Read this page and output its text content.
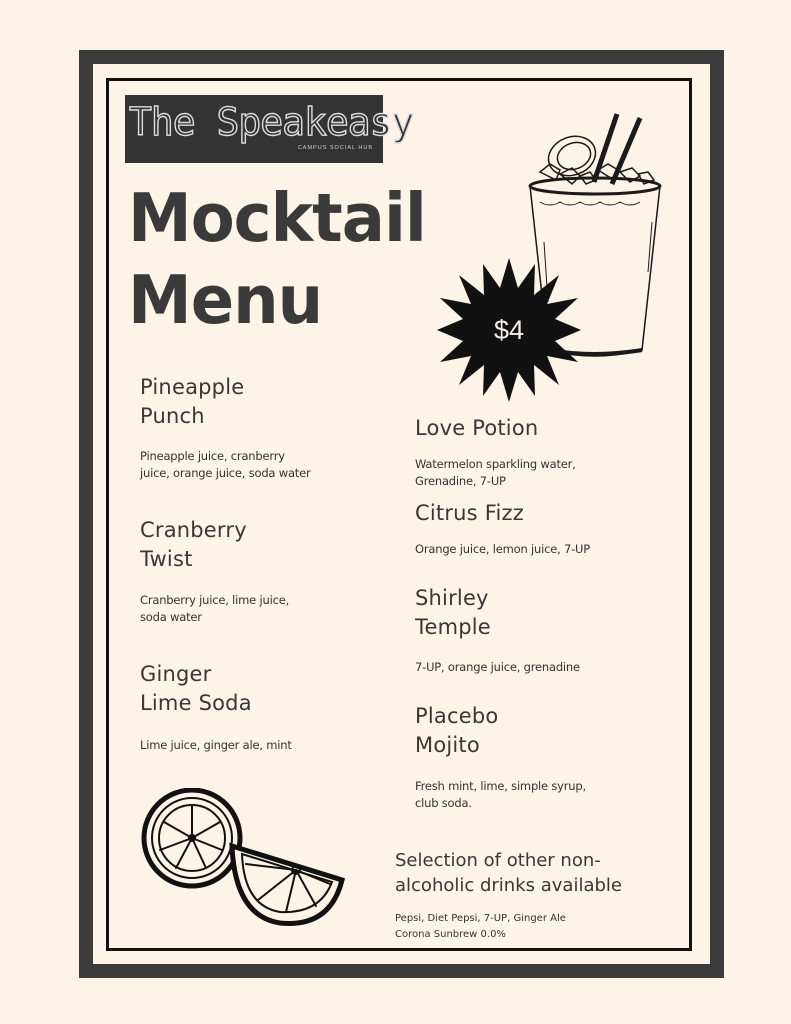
The Speakeasy
CAMPUS SOCIAL HUB
Mocktail
Menu	$4
Pineapple
Punch
Pineapple juice, cranberry
juice, orange juice, soda water
Cranberry
Twist
Cranberry juice, lime juice,
soda water
Ginger
Lime Soda
Lime juice, ginger ale, mint
Love Potion
Watermelon sparkling water,
Grenadine, 7-UP
Citrus Fizz
Orange juice, lemon juice, 7-UP
Shirley
Temple
7-UP, orange juice, grenadine
Placebo
Mojito
Fresh mint, lime, simple syrup,
club soda.
Selection of other non-
alcoholic drinks available
Pepsi, Diet Pepsi, 7-UP, Ginger Ale
Corona Sunbrew 0.0%
